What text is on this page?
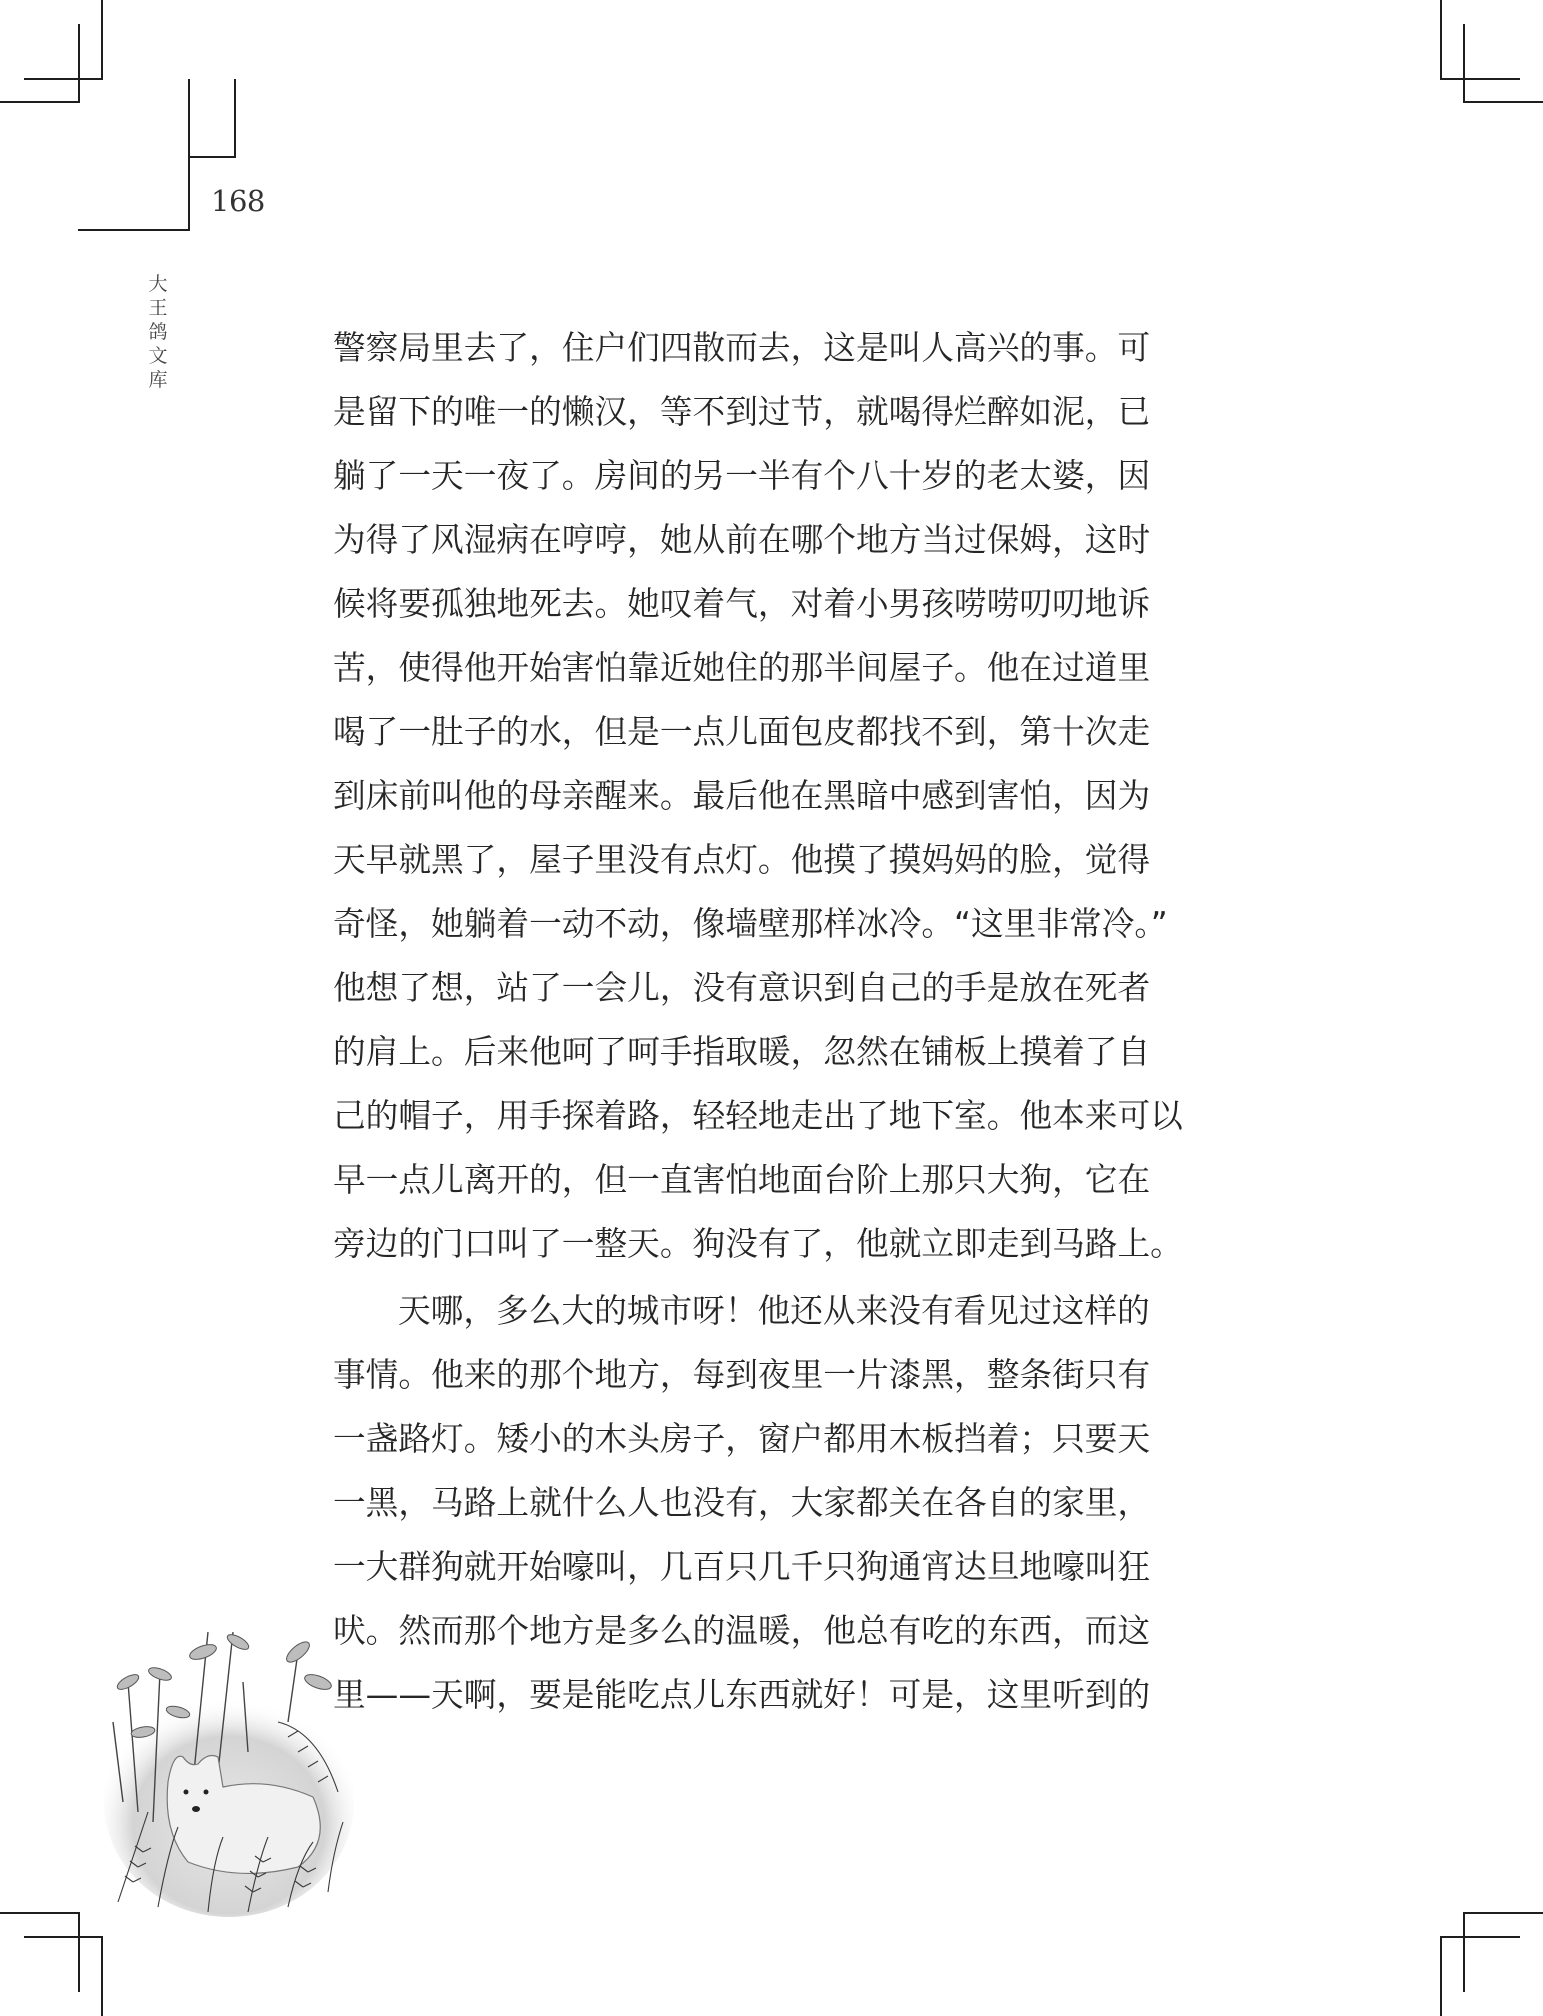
168
大王鸽文库
警察局里去了，住户们四散而去，这是叫人高兴的事。可
是留下的唯一的懒汉，等不到过节，就喝得烂醉如泥，已
躺了一天一夜了。房间的另一半有个八十岁的老太婆，因
为得了风湿病在哼哼，她从前在哪个地方当过保姆，这时
候将要孤独地死去。她叹着气，对着小男孩唠唠叨叨地诉
苦，使得他开始害怕靠近她住的那半间屋子。他在过道里
喝了一肚子的水，但是一点儿面包皮都找不到，第十次走
到床前叫他的母亲醒来。最后他在黑暗中感到害怕，因为
天早就黑了，屋子里没有点灯。他摸了摸妈妈的脸，觉得
奇怪，她躺着一动不动，像墙壁那样冰冷。“这里非常冷。”
他想了想，站了一会儿，没有意识到自己的手是放在死者
的肩上。后来他呵了呵手指取暖，忽然在铺板上摸着了自
己的帽子，用手探着路，轻轻地走出了地下室。他本来可以
早一点儿离开的，但一直害怕地面台阶上那只大狗，它在
旁边的门口叫了一整天。狗没有了，他就立即走到马路上。
天哪，多么大的城市呀！他还从来没有看见过这样的
事情。他来的那个地方，每到夜里一片漆黑，整条街只有
一盏路灯。矮小的木头房子，窗户都用木板挡着；只要天
一黑，马路上就什么人也没有，大家都关在各自的家里，
一大群狗就开始嚎叫，几百只几千只狗通宵达旦地嚎叫狂
吠。然而那个地方是多么的温暖，他总有吃的东西，而这
里——天啊，要是能吃点儿东西就好！可是，这里听到的
